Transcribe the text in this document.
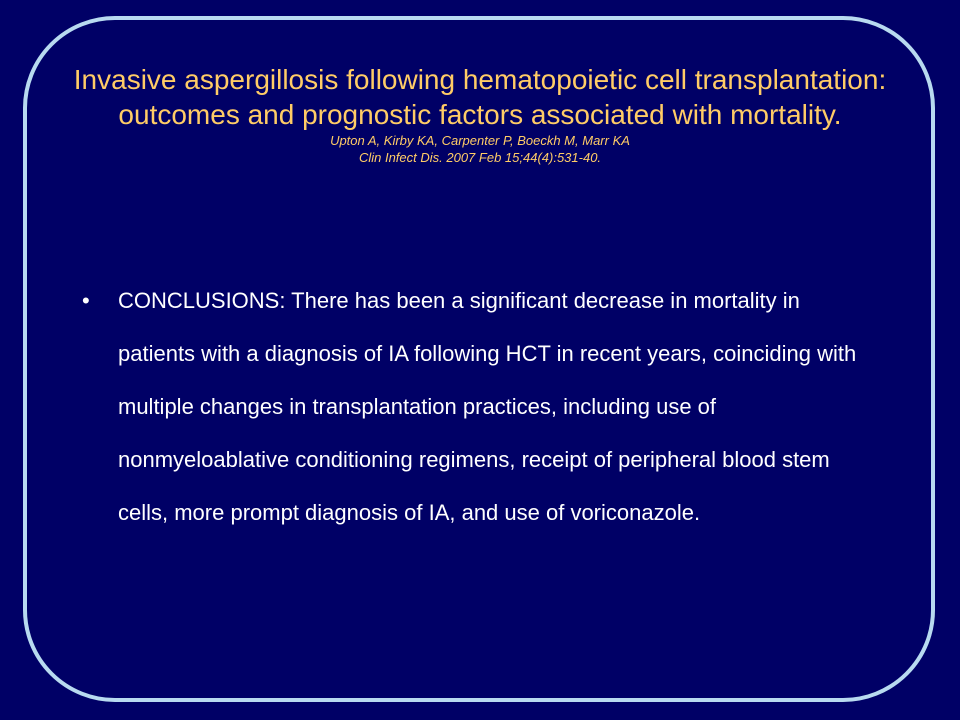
Invasive aspergillosis following hematopoietic cell transplantation: outcomes and prognostic factors associated with mortality.
Upton A, Kirby KA, Carpenter P, Boeckh M, Marr KA
Clin Infect Dis. 2007 Feb 15;44(4):531-40.
• CONCLUSIONS: There has been a significant decrease in mortality in patients with a diagnosis of IA following HCT in recent years, coinciding with multiple changes in transplantation practices, including use of nonmyeloablative conditioning regimens, receipt of peripheral blood stem cells, more prompt diagnosis of IA, and use of voriconazole.
